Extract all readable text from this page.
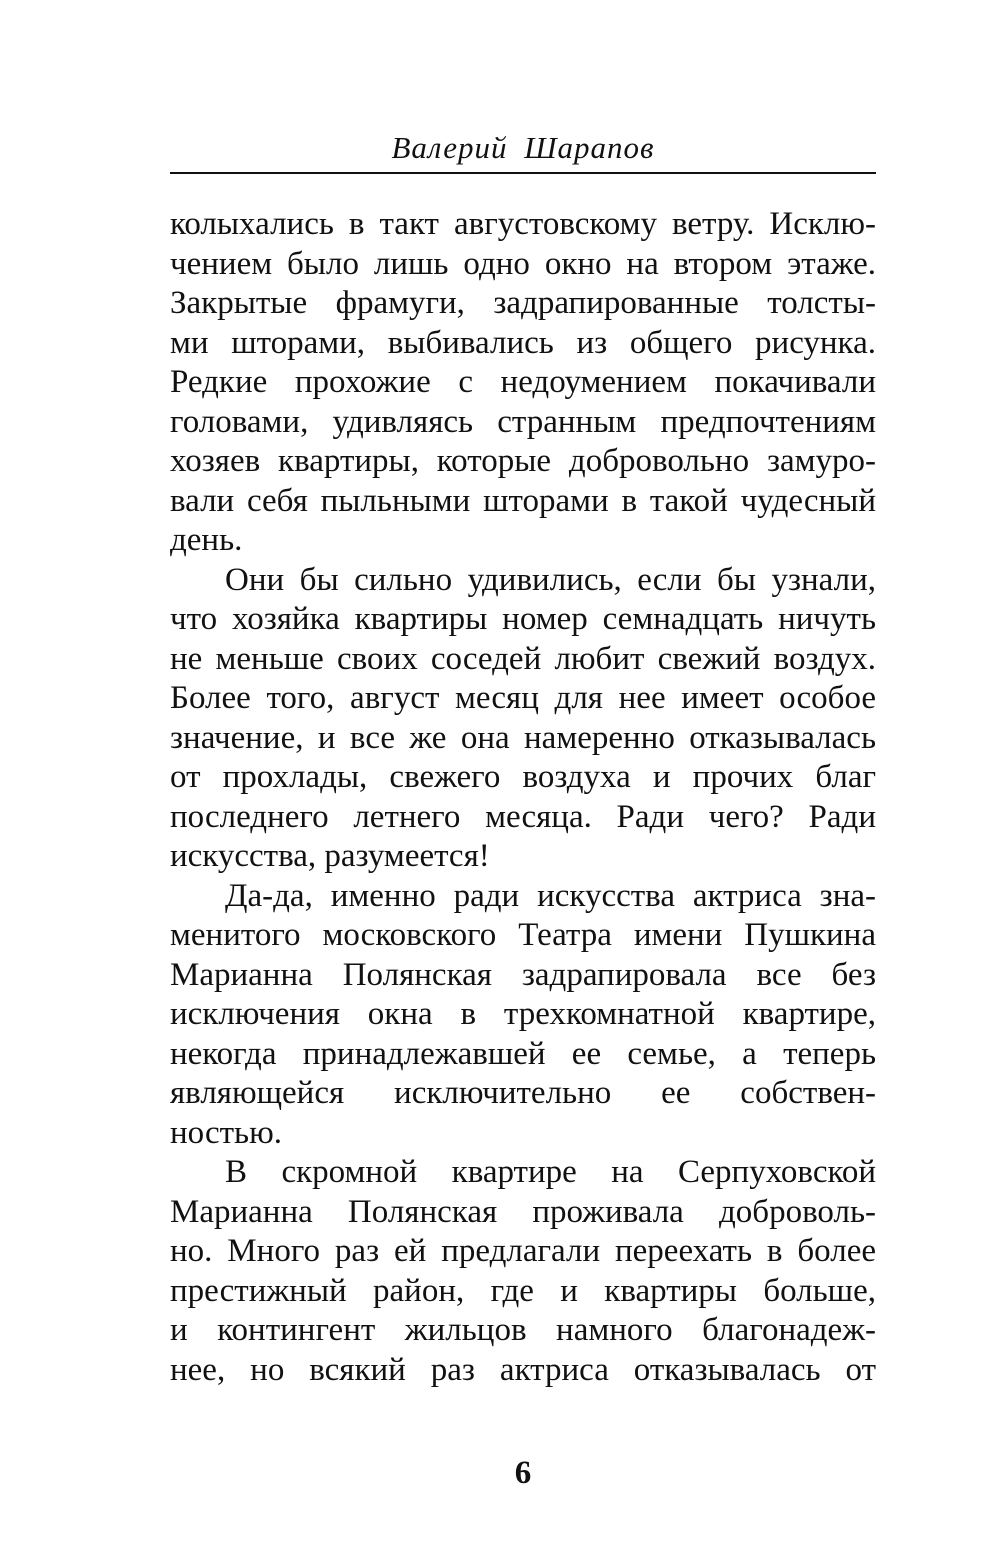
Валерий Шарапов
колыхались в такт августовскому ветру. Исклю-
чением было лишь одно окно на втором этаже.
Закрытые фрамуги, задрапированные толсты-
ми шторами, выбивались из общего рисунка.
Редкие прохожие с недоумением покачивали
головами, удивляясь странным предпочтениям
хозяев квартиры, которые добровольно замуро-
вали себя пыльными шторами в такой чудесный
день.
Они бы сильно удивились, если бы узнали,
что хозяйка квартиры номер семнадцать ничуть
не меньше своих соседей любит свежий воздух.
Более того, август месяц для нее имеет особое
значение, и все же она намеренно отказывалась
от прохлады, свежего воздуха и прочих благ
последнего летнего месяца. Ради чего? Ради
искусства, разумеется!
Да-да, именно ради искусства актриса зна-
менитого московского Театра имени Пушкина
Марианна Полянская задрапировала все без
исключения окна в трехкомнатной квартире,
некогда принадлежавшей ее семье, а теперь
являющейся исключительно ее собствен-
ностью.
В скромной квартире на Серпуховской
Марианна Полянская проживала доброволь-
но. Много раз ей предлагали переехать в более
престижный район, где и квартиры больше,
и контингент жильцов намного благонадеж-
нее, но всякий раз актриса отказывалась от
6
